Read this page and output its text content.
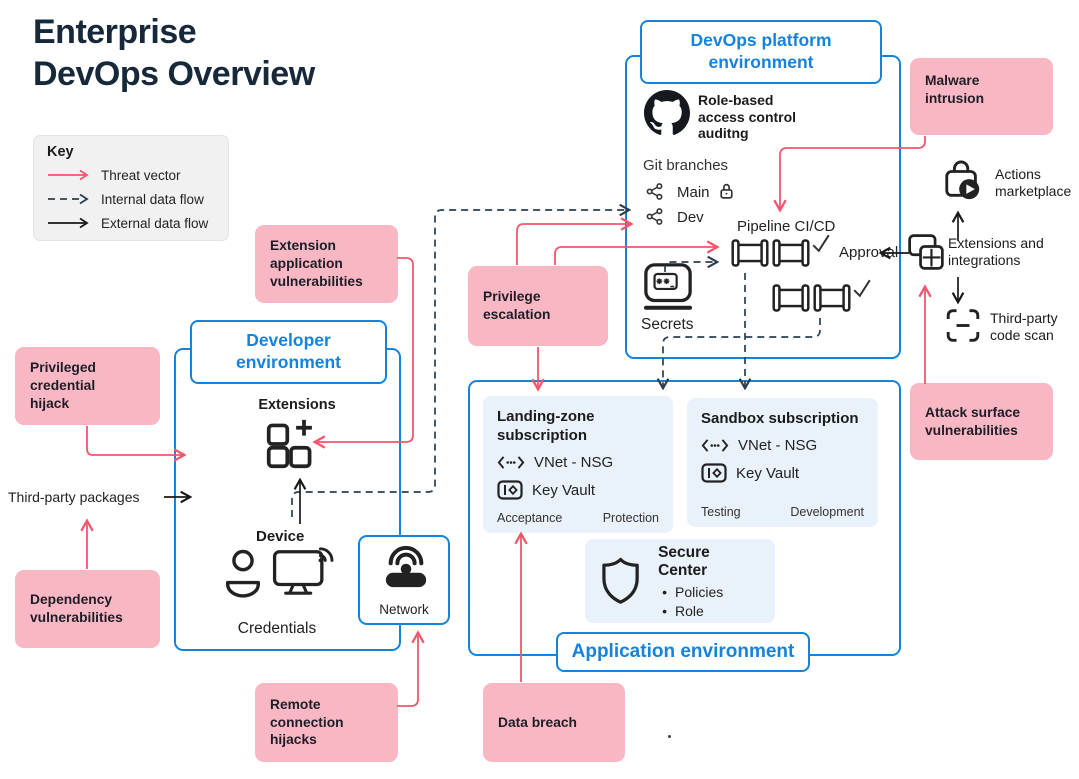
Enterprise
DevOps Overview
Key
Threat vector
Internal data flow
External data flow
Network
DevOps platform environment
Developer environment
Application environment
Role-based
access control
auditng
Git branches
Main
Dev
Pipeline CI/CD
Approval
Secrets
Actions marketplace
Extensions and integrations
Third-party code scan
Extensions
Device
Credentials
Third-party packages
Malware intrusion
Extension application vulnerabilities
Privilege escalation
Privileged credential hijack
Dependency vulnerabilities
Remote connection hijacks
Data breach
Attack surface vulnerabilities
Landing-zone subscription
VNet - NSG
Key Vault
Acceptance	Protection
Sandbox subscription
VNet - NSG
Key Vault
Testing	Development
Secure Center
• Policies
• Role
